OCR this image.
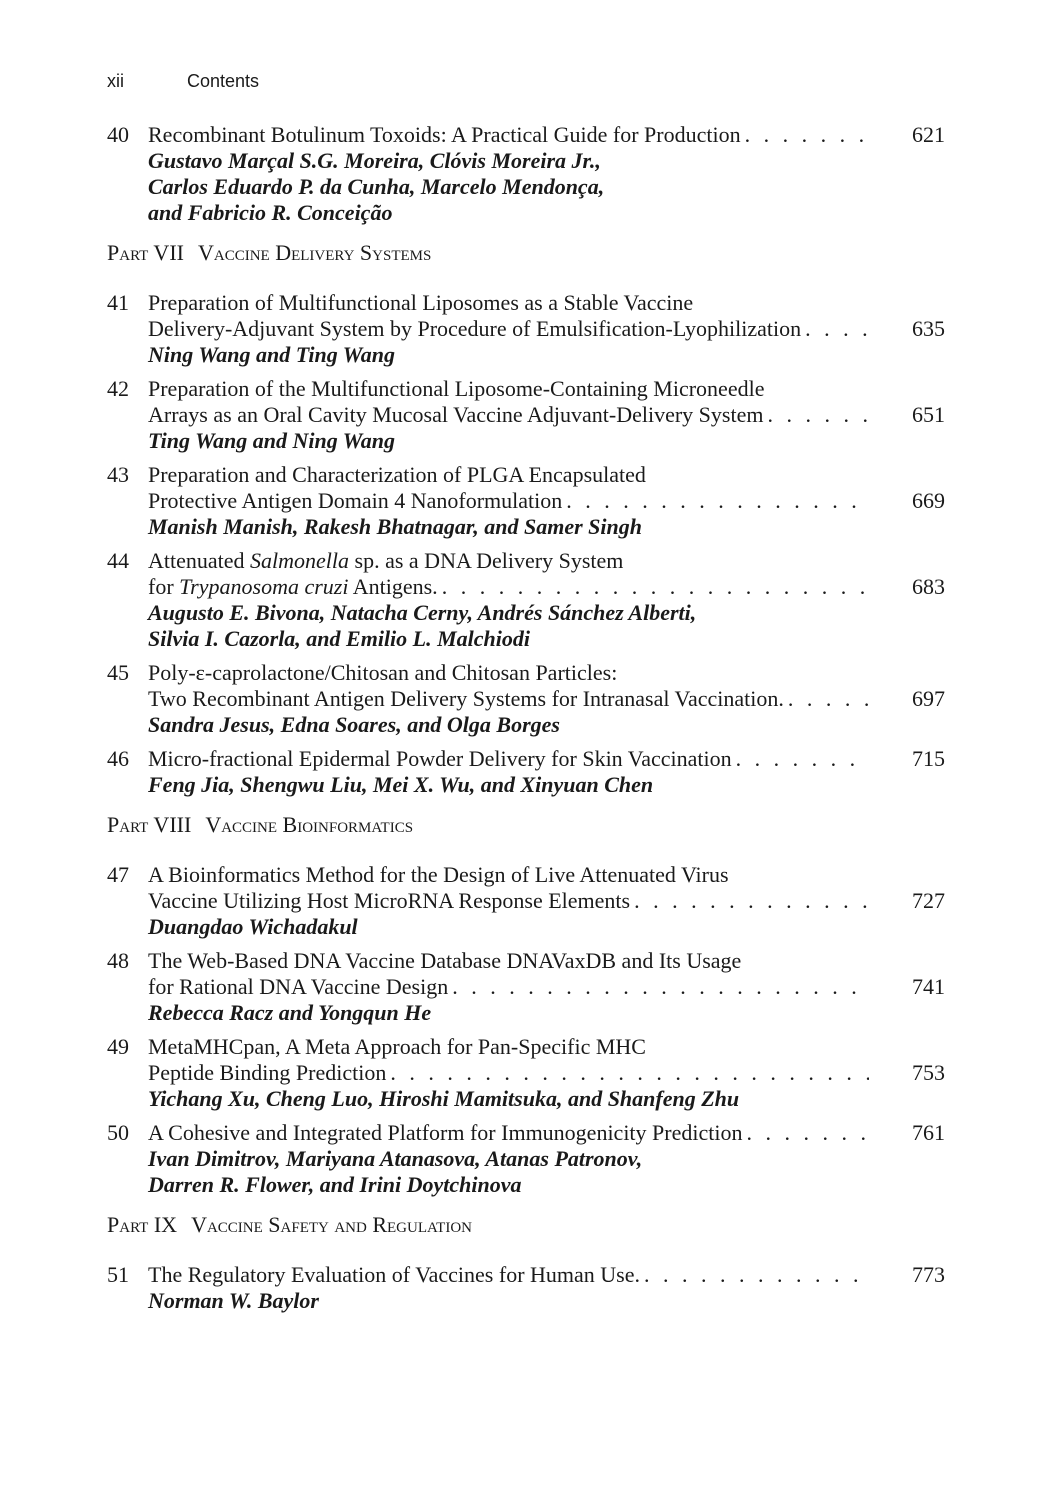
xii	Contents
40 Recombinant Botulinum Toxoids: A Practical Guide for Production . . .	621
Gustavo Marçal S.G. Moreira, Clóvis Moreira Jr.,
Carlos Eduardo P. da Cunha, Marcelo Mendonça,
and Fabricio R. Conceição
Part VII Vaccine Delivery Systems
41 Preparation of Multifunctional Liposomes as a Stable Vaccine
Delivery-Adjuvant System by Procedure of Emulsification-Lyophilization . . .	635
Ning Wang and Ting Wang
42 Preparation of the Multifunctional Liposome-Containing Microneedle
Arrays as an Oral Cavity Mucosal Vaccine Adjuvant-Delivery System . . .	651
Ting Wang and Ning Wang
43 Preparation and Characterization of PLGA Encapsulated
Protective Antigen Domain 4 Nanoformulation . . .	669
Manish Manish, Rakesh Bhatnagar, and Samer Singh
44 Attenuated Salmonella sp. as a DNA Delivery System
for Trypanosoma cruzi Antigens. . . .	683
Augusto E. Bivona, Natacha Cerny, Andrés Sánchez Alberti,
Silvia I. Cazorla, and Emilio L. Malchiodi
45 Poly-ε-caprolactone/Chitosan and Chitosan Particles:
Two Recombinant Antigen Delivery Systems for Intranasal Vaccination. . . .	697
Sandra Jesus, Edna Soares, and Olga Borges
46 Micro-fractional Epidermal Powder Delivery for Skin Vaccination . . .	715
Feng Jia, Shengwu Liu, Mei X. Wu, and Xinyuan Chen
Part VIII Vaccine Bioinformatics
47 A Bioinformatics Method for the Design of Live Attenuated Virus
Vaccine Utilizing Host MicroRNA Response Elements . . .	727
Duangdao Wichadakul
48 The Web-Based DNA Vaccine Database DNAVaxDB and Its Usage
for Rational DNA Vaccine Design . . .	741
Rebecca Racz and Yongqun He
49 MetaMHCpan, A Meta Approach for Pan-Specific MHC
Peptide Binding Prediction . . .	753
Yichang Xu, Cheng Luo, Hiroshi Mamitsuka, and Shanfeng Zhu
50 A Cohesive and Integrated Platform for Immunogenicity Prediction . . .	761
Ivan Dimitrov, Mariyana Atanasova, Atanas Patronov,
Darren R. Flower, and Irini Doytchinova
Part IX Vaccine Safety and Regulation
51 The Regulatory Evaluation of Vaccines for Human Use. . . .	773
Norman W. Baylor
